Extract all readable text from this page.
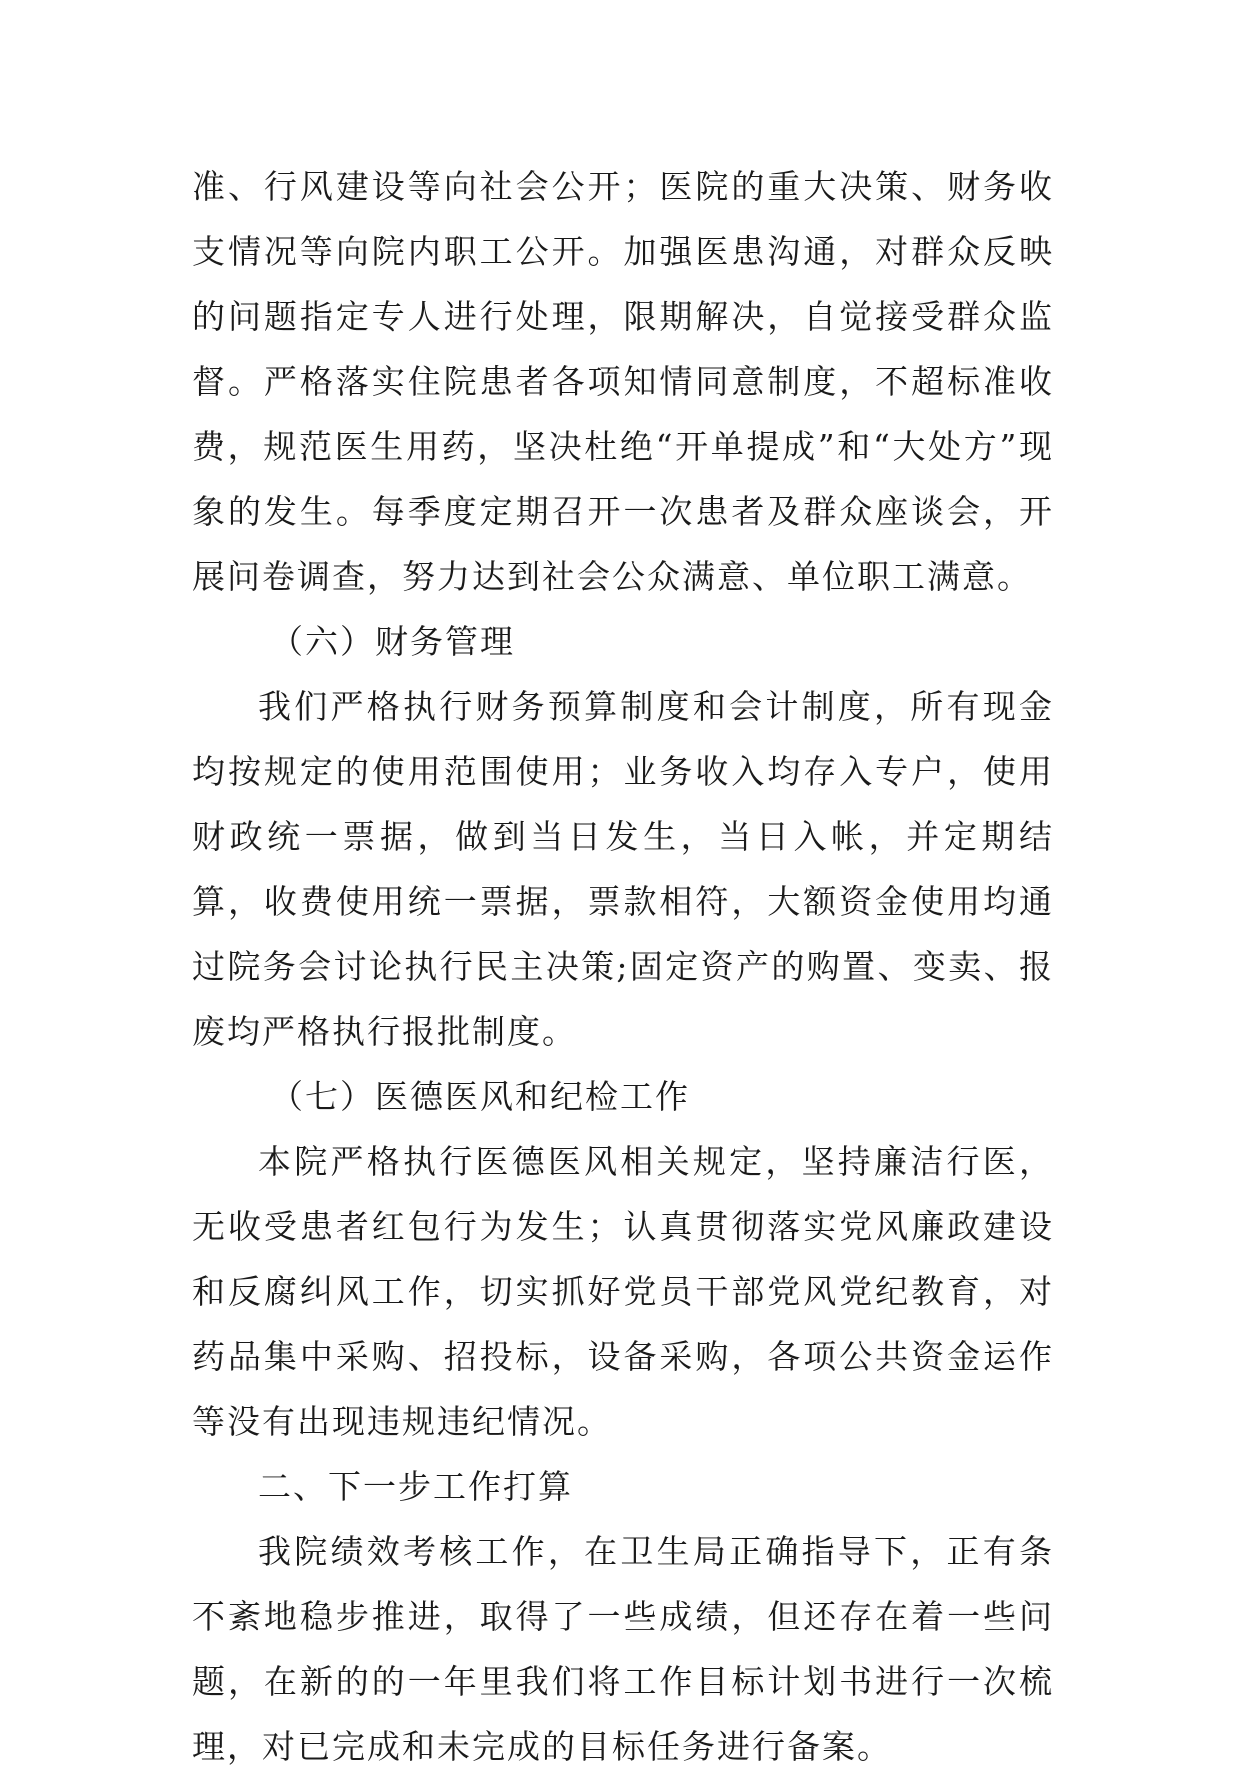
准、行风建设等向社会公开；医院的重大决策、财务收支情况等向院内职工公开。加强医患沟通，对群众反映的问题指定专人进行处理，限期解决，自觉接受群众监督。严格落实住院患者各项知情同意制度，不超标准收费，规范医生用药，坚决杜绝“开单提成”和“大处方”现象的发生。每季度定期召开一次患者及群众座谈会，开展问卷调查，努力达到社会公众满意、单位职工满意。

（六）财务管理

我们严格执行财务预算制度和会计制度，所有现金均按规定的使用范围使用；业务收入均存入专户，使用财政统一票据，做到当日发生，当日入帐，并定期结算，收费使用统一票据，票款相符，大额资金使用均通过院务会讨论执行民主决策;固定资产的购置、变卖、报废均严格执行报批制度。

（七）医德医风和纪检工作

本院严格执行医德医风相关规定，坚持廉洁行医，无收受患者红包行为发生；认真贯彻落实党风廉政建设和反腐纠风工作，切实抓好党员干部党风党纪教育，对药品集中采购、招投标，设备采购，各项公共资金运作等没有出现违规违纪情况。

二、下一步工作打算

我院绩效考核工作，在卫生局正确指导下，正有条不紊地稳步推进，取得了一些成绩，但还存在着一些问题，在新的的一年里我们将工作目标计划书进行一次梳理，对已完成和未完成的目标任务进行备案。
